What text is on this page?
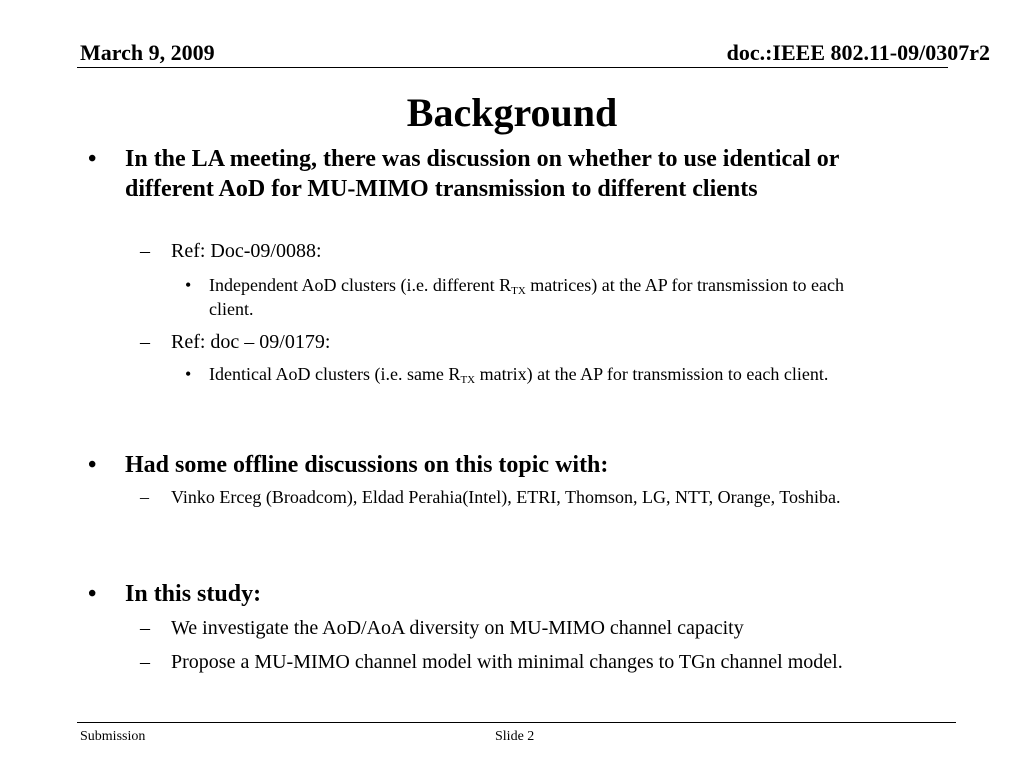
March 9, 2009	doc.:IEEE 802.11-09/0307r2
Background
• In the LA meeting, there was discussion on whether to use identical or different AoD for MU-MIMO transmission to different clients
– Ref: Doc-09/0088:
• Independent AoD clusters (i.e. different $R_{TX}$ matrices) at the AP for transmission to each client.
– Ref: doc – 09/0179:
• Identical AoD clusters (i.e. same $R_{TX}$ matrix) at the AP for transmission to each client.
• Had some offline discussions on this topic with:
– Vinko Erceg (Broadcom), Eldad Perahia(Intel), ETRI, Thomson, LG, NTT, Orange, Toshiba.
• In this study:
– We investigate the AoD/AoA diversity on MU-MIMO channel capacity
– Propose a MU-MIMO channel model with minimal changes to TGn channel model.
Submission	Slide 2
